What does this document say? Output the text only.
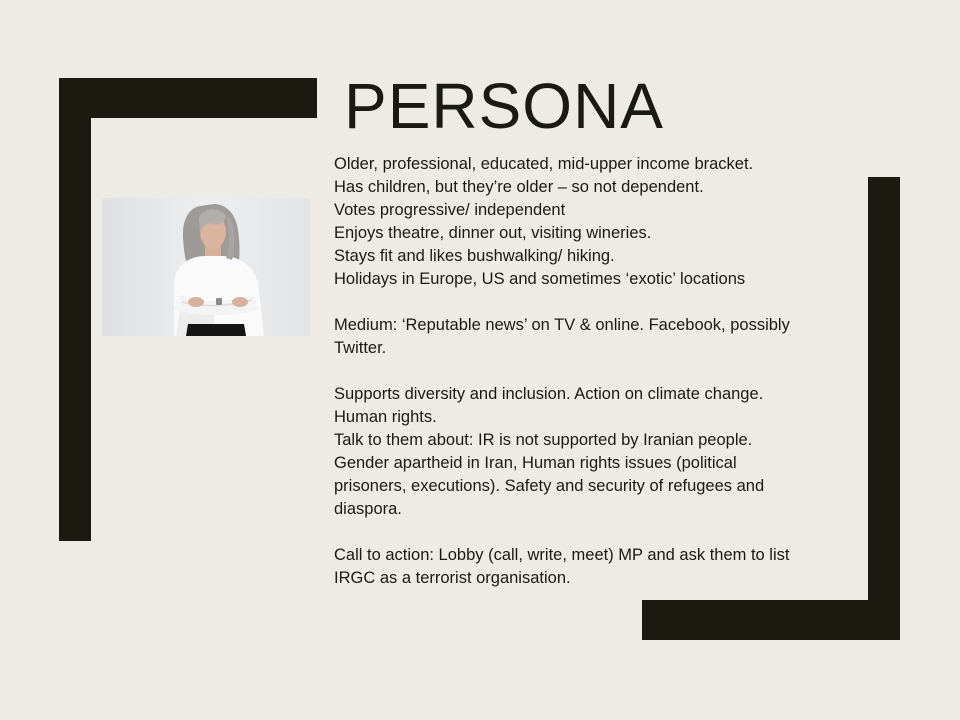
PERSONA
Older, professional, educated, mid-upper income bracket.
Has children, but they’re older – so not dependent.
Votes progressive/ independent
Enjoys theatre, dinner out, visiting wineries.
Stays fit and likes bushwalking/ hiking.
Holidays in Europe, US and sometimes ‘exotic’ locations
Medium: ‘Reputable news’ on TV & online. Facebook, possibly
Twitter.
Supports diversity and inclusion. Action on climate change.
Human rights.
Talk to them about: IR is not supported by Iranian people.
Gender apartheid in Iran, Human rights issues (political
prisoners, executions). Safety and security of refugees and
diaspora.
Call to action: Lobby (call, write, meet) MP and ask them to list
IRGC as a terrorist organisation.
